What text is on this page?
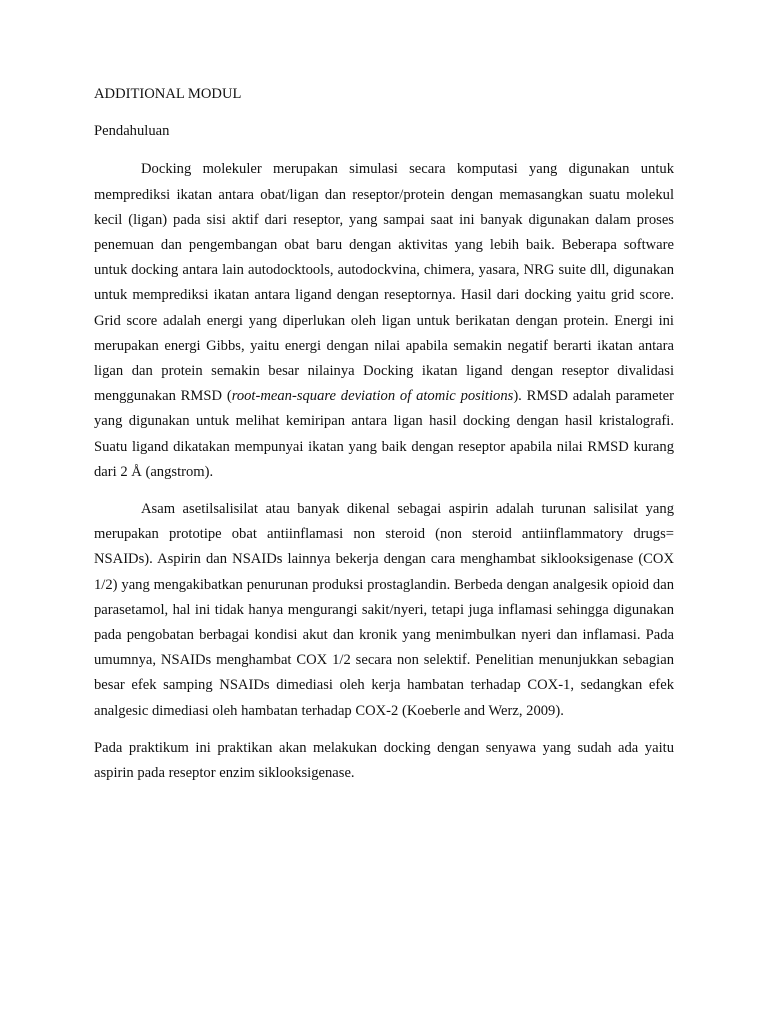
ADDITIONAL MODUL
Pendahuluan

Docking molekuler merupakan simulasi secara komputasi yang digunakan untuk memprediksi ikatan antara obat/ligan dan reseptor/protein dengan memasangkan suatu molekul kecil (ligan) pada sisi aktif dari reseptor, yang sampai saat ini banyak digunakan dalam proses penemuan dan pengembangan obat baru dengan aktivitas yang lebih baik. Beberapa software untuk docking antara lain autodocktools, autodockvina, chimera, yasara, NRG suite dll, digunakan untuk memprediksi ikatan antara ligand dengan reseptornya. Hasil dari docking yaitu grid score. Grid score adalah energi yang diperlukan oleh ligan untuk berikatan dengan protein. Energi ini merupakan energi Gibbs, yaitu energi dengan nilai apabila semakin negatif berarti ikatan antara ligan dan protein semakin besar nilainya Docking ikatan ligand dengan reseptor divalidasi menggunakan RMSD (root-mean-square deviation of atomic positions). RMSD adalah parameter yang digunakan untuk melihat kemiripan antara ligan hasil docking dengan hasil kristalografi. Suatu ligand dikatakan mempunyai ikatan yang baik dengan reseptor apabila nilai RMSD kurang dari 2 Å (angstrom).

Asam asetilsalisilat atau banyak dikenal sebagai aspirin adalah turunan salisilat yang merupakan prototipe obat antiinflamasi non steroid (non steroid antiinflammatory drugs= NSAIDs). Aspirin dan NSAIDs lainnya bekerja dengan cara menghambat siklooksigenase (COX 1/2) yang mengakibatkan penurunan produksi prostaglandin. Berbeda dengan analgesik opioid dan parasetamol, hal ini tidak hanya mengurangi sakit/nyeri, tetapi juga inflamasi sehingga digunakan pada pengobatan berbagai kondisi akut dan kronik yang menimbulkan nyeri dan inflamasi. Pada umumnya, NSAIDs menghambat COX 1/2 secara non selektif. Penelitian menunjukkan sebagian besar efek samping NSAIDs dimediasi oleh kerja hambatan terhadap COX-1, sedangkan efek analgesic dimediasi oleh hambatan terhadap COX-2 (Koeberle and Werz, 2009).

Pada praktikum ini praktikan akan melakukan docking dengan senyawa yang sudah ada yaitu aspirin pada reseptor enzim siklooksigenase.
